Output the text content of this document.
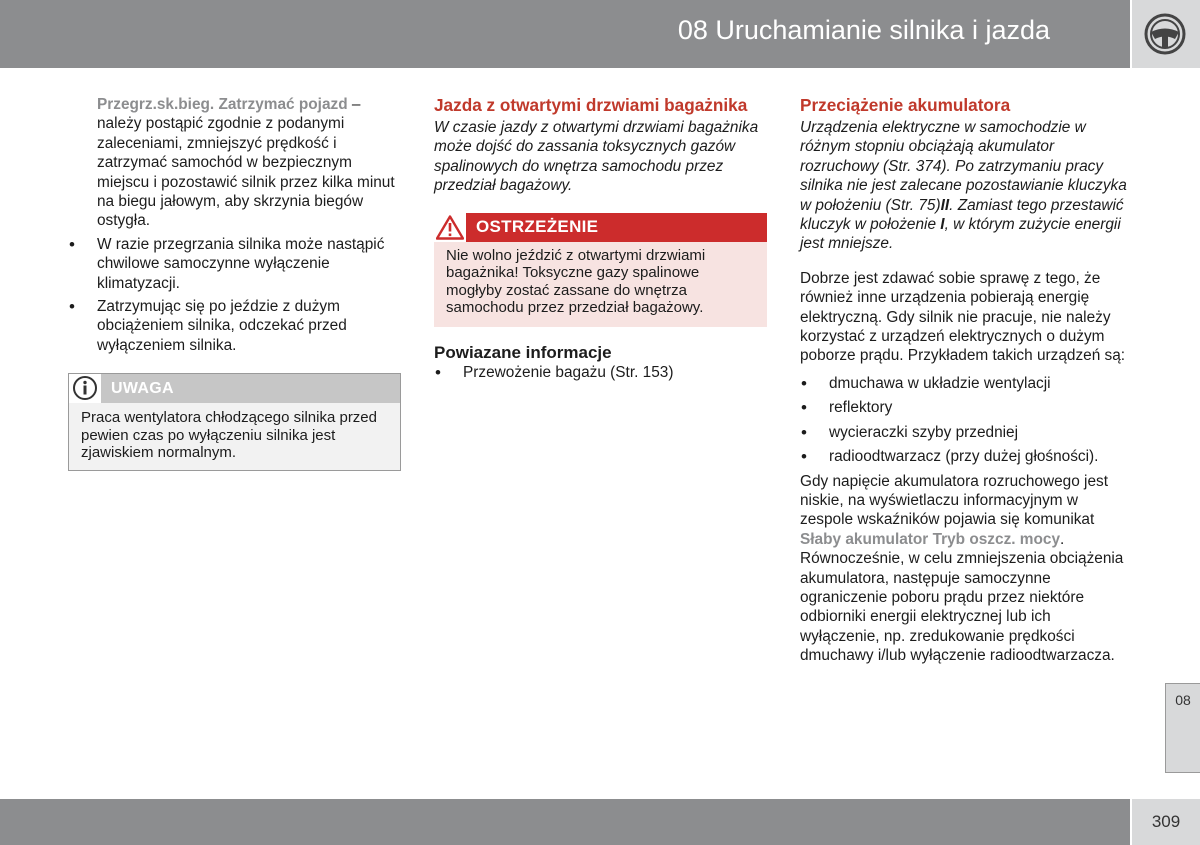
08 Uruchamianie silnika i jazda

Przegrz.sk.bieg. Zatrzymać pojazd – należy postąpić zgodnie z podanymi zaleceniami, zmniejszyć prędkość i zatrzymać samochód w bezpiecznym miejscu i pozostawić silnik przez kilka minut na biegu jałowym, aby skrzynia biegów ostygła.

• W razie przegrzania silnika może nastąpić chwilowe samoczynne wyłączenie klimatyzacji.
• Zatrzymując się po jeździe z dużym obciążeniem silnika, odczekać przed wyłączeniem silnika.
UWAGA
Praca wentylatora chłodzącego silnika przed pewien czas po wyłączeniu silnika jest zjawiskiem normalnym.
Jazda z otwartymi drzwiami bagażnika

W czasie jazdy z otwartymi drzwiami bagażnika może dojść do zassania toksycznych gazów spalinowych do wnętrza samochodu przez przedział bagażowy.

OSTRZEŻENIE
Nie wolno jeździć z otwartymi drzwiami bagażnika! Toksyczne gazy spalinowe mogłyby zostać zassane do wnętrza samochodu przez przedział bagażowy.
Powiazane informacje
• Przewożenie bagażu (Str. 153)
Przeciążenie akumulatora

Urządzenia elektryczne w samochodzie w różnym stopniu obciążają akumulator rozruchowy (Str. 374). Po zatrzymaniu pracy silnika nie jest zalecane pozostawianie kluczyka w położeniu (Str. 75)II. Zamiast tego przestawić kluczyk w położenie I, w którym zużycie energii jest mniejsze.

Dobrze jest zdawać sobie sprawę z tego, że również inne urządzenia pobierają energię elektryczną. Gdy silnik nie pracuje, nie należy korzystać z urządzeń elektrycznych o dużym poborze prądu. Przykładem takich urządzeń są:

• dmuchawa w układzie wentylacji
• reflektory
• wycieraczki szyby przedniej
• radioodtwarzacz (przy dużej głośności).

Gdy napięcie akumulatora rozruchowego jest niskie, na wyświetlaczu informacyjnym w zespole wskaźników pojawia się komunikat Słaby akumulator Tryb oszcz. mocy. Równocześnie, w celu zmniejszenia obciążenia akumulatora, następuje samoczynne ograniczenie poboru prądu przez niektóre odbiorniki energii elektrycznej lub ich wyłączenie, np. zredukowanie prędkości dmuchawy i/lub wyłączenie radioodtwarzacza.

08
309
